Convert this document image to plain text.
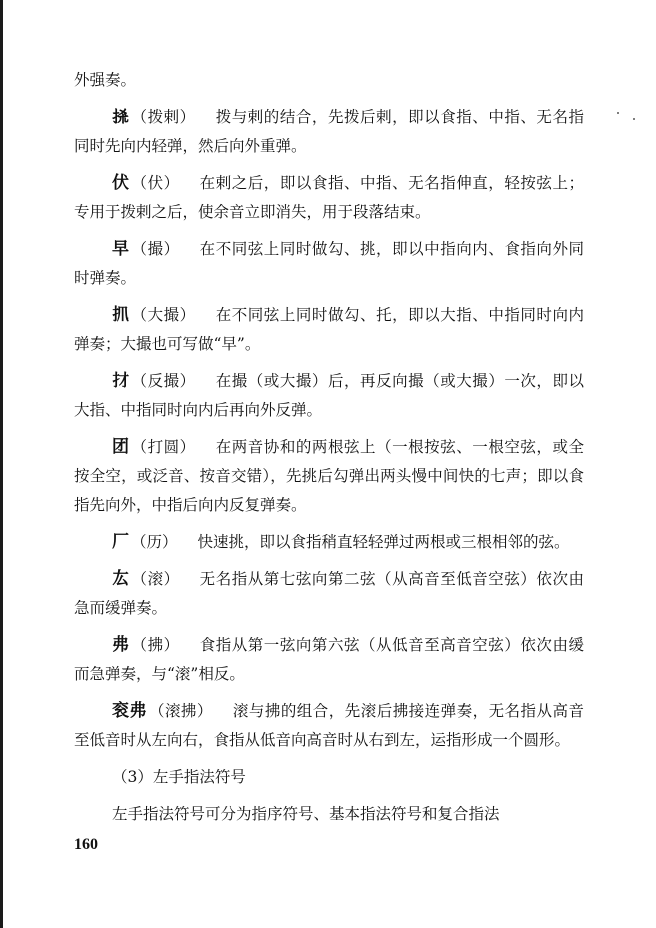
外强奏。

𢫬 （拨剌） 拨与剌的结合，先拨后剌，即以食指、中指、无名指同时先向内轻弹，然后向外重弹。

伏 （伏） 在剌之后，即以食指、中指、无名指伸直，轻按弦上；专用于拨剌之后，使余音立即消失，用于段落结束。

早 （撮） 在不同弦上同时做勾、挑，即以中指向内、食指向外同时弹奏。

𢩰 （大撮） 在不同弦上同时做勾、托，即以大指、中指同时向内弹奏；大撮也可写做“早”。

𢩱 （反撮） 在撮（或大撮）后，再反向撮（或大撮）一次，即以大指、中指同时向内后再向外反弹。

团 （打圆） 在两音协和的两根弦上（一根按弦、一根空弦，或全按全空，或泛音、按音交错），先挑后勾弹出两头慢中间快的七声；即以食指先向外，中指后向内反复弹奏。

厂 （历） 快速挑，即以食指稍直轻轻弹过两根或三根相邻的弦。

厷 （滚） 无名指从第七弦向第二弦（从高音至低音空弦）依次由急而缓弹奏。

弗 （拂） 食指从第一弦向第六弦（从低音至高音空弦）依次由缓而急弹奏，与“滚”相反。

衮弗 （滚拂） 滚与拂的组合，先滚后拂接连弹奏，无名指从高音至低音时从左向右，食指从低音向高音时从右到左，运指形成一个圆形。

（3）左手指法符号

左手指法符号可分为指序符号、基本指法符号和复合指法

160
